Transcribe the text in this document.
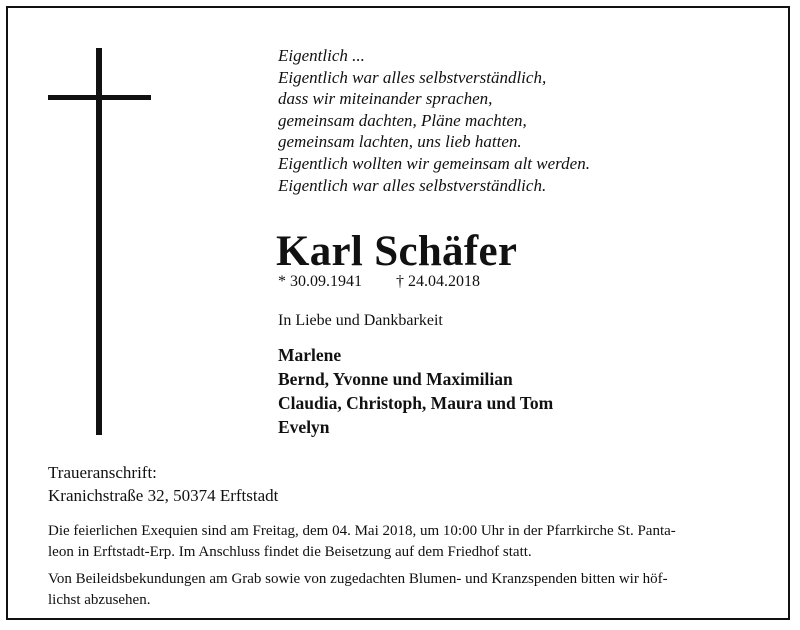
Eigentlich ...
Eigentlich war alles selbstverständlich,
dass wir miteinander sprachen,
gemeinsam dachten, Pläne machten,
gemeinsam lachten, uns lieb hatten.
Eigentlich wollten wir gemeinsam alt werden.
Eigentlich war alles selbstverständlich.
Karl Schäfer
* 30.09.1941 † 24.04.2018
In Liebe und Dankbarkeit
Marlene
Bernd, Yvonne und Maximilian
Claudia, Christoph, Maura und Tom
Evelyn
Traueranschrift:
Kranichstraße 32, 50374 Erftstadt

Die feierlichen Exequien sind am Freitag, dem 04. Mai 2018, um 10:00 Uhr in der Pfarrkirche St. Panta-
leon in Erftstadt-Erp. Im Anschluss findet die Beisetzung auf dem Friedhof statt.

Von Beileidsbekundungen am Grab sowie von zugedachten Blumen- und Kranzspenden bitten wir höf-
lichst abzusehen.
